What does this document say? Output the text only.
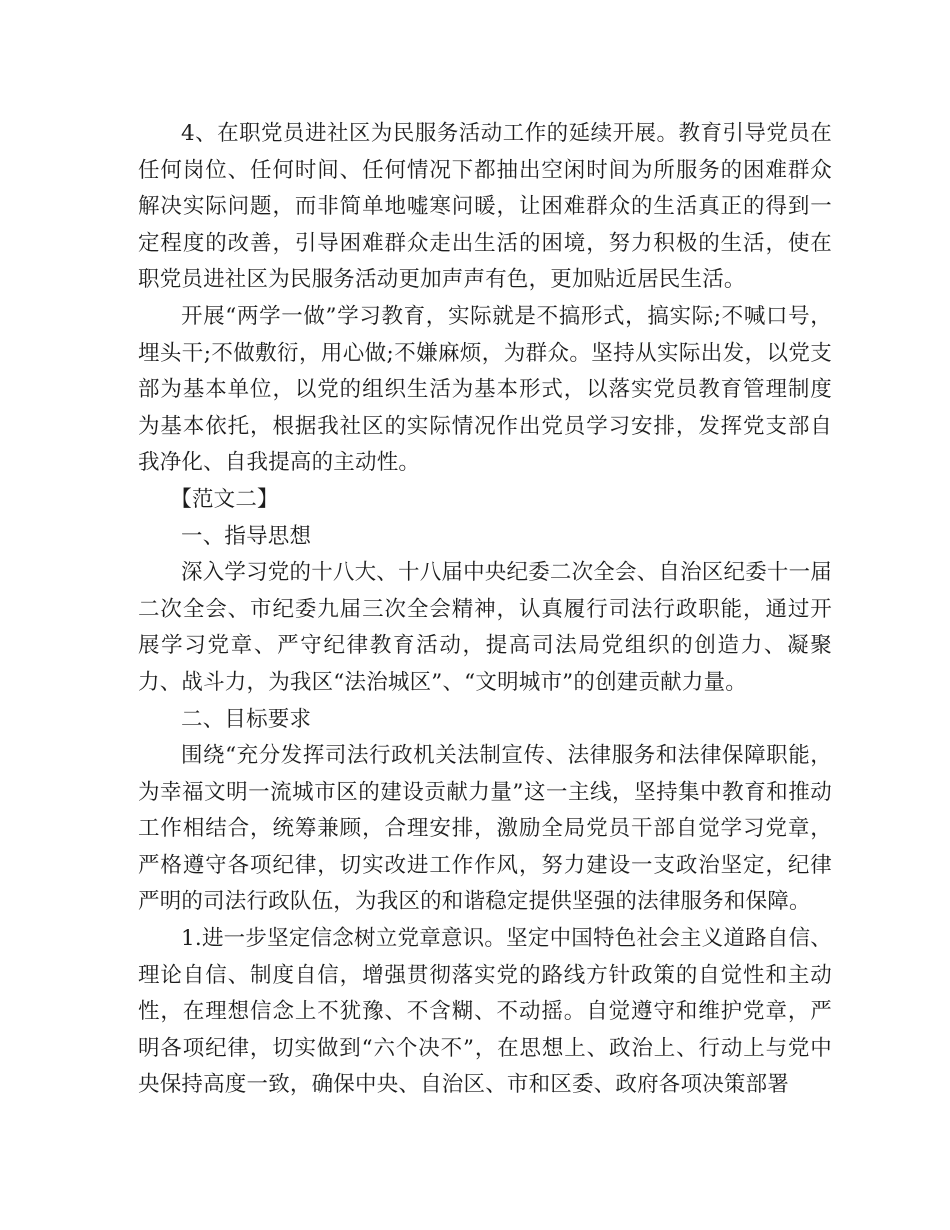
4、在职党员进社区为民服务活动工作的延续开展。教育引导党员在任何岗位、任何时间、任何情况下都抽出空闲时间为所服务的困难群众解决实际问题，而非简单地嘘寒问暖，让困难群众的生活真正的得到一定程度的改善，引导困难群众走出生活的困境，努力积极的生活，使在职党员进社区为民服务活动更加声声有色，更加贴近居民生活。

开展“两学一做”学习教育，实际就是不搞形式，搞实际;不喊口号，埋头干;不做敷衍，用心做;不嫌麻烦，为群众。坚持从实际出发，以党支部为基本单位，以党的组织生活为基本形式，以落实党员教育管理制度为基本依托，根据我社区的实际情况作出党员学习安排，发挥党支部自我净化、自我提高的主动性。

【范文二】

一、指导思想

深入学习党的十八大、十八届中央纪委二次全会、自治区纪委十一届二次全会、市纪委九届三次全会精神，认真履行司法行政职能，通过开展学习党章、严守纪律教育活动，提高司法局党组织的创造力、凝聚力、战斗力，为我区“法治城区”、“文明城市”的创建贡献力量。

二、目标要求

围绕“充分发挥司法行政机关法制宣传、法律服务和法律保障职能，为幸福文明一流城市区的建设贡献力量”这一主线，坚持集中教育和推动工作相结合，统筹兼顾，合理安排，激励全局党员干部自觉学习党章，严格遵守各项纪律，切实改进工作作风，努力建设一支政治坚定，纪律严明的司法行政队伍，为我区的和谐稳定提供坚强的法律服务和保障。

1.进一步坚定信念树立党章意识。坚定中国特色社会主义道路自信、理论自信、制度自信，增强贯彻落实党的路线方针政策的自觉性和主动性，在理想信念上不犹豫、不含糊、不动摇。自觉遵守和维护党章，严明各项纪律，切实做到“六个决不”，在思想上、政治上、行动上与党中央保持高度一致，确保中央、自治区、市和区委、政府各项决策部署
